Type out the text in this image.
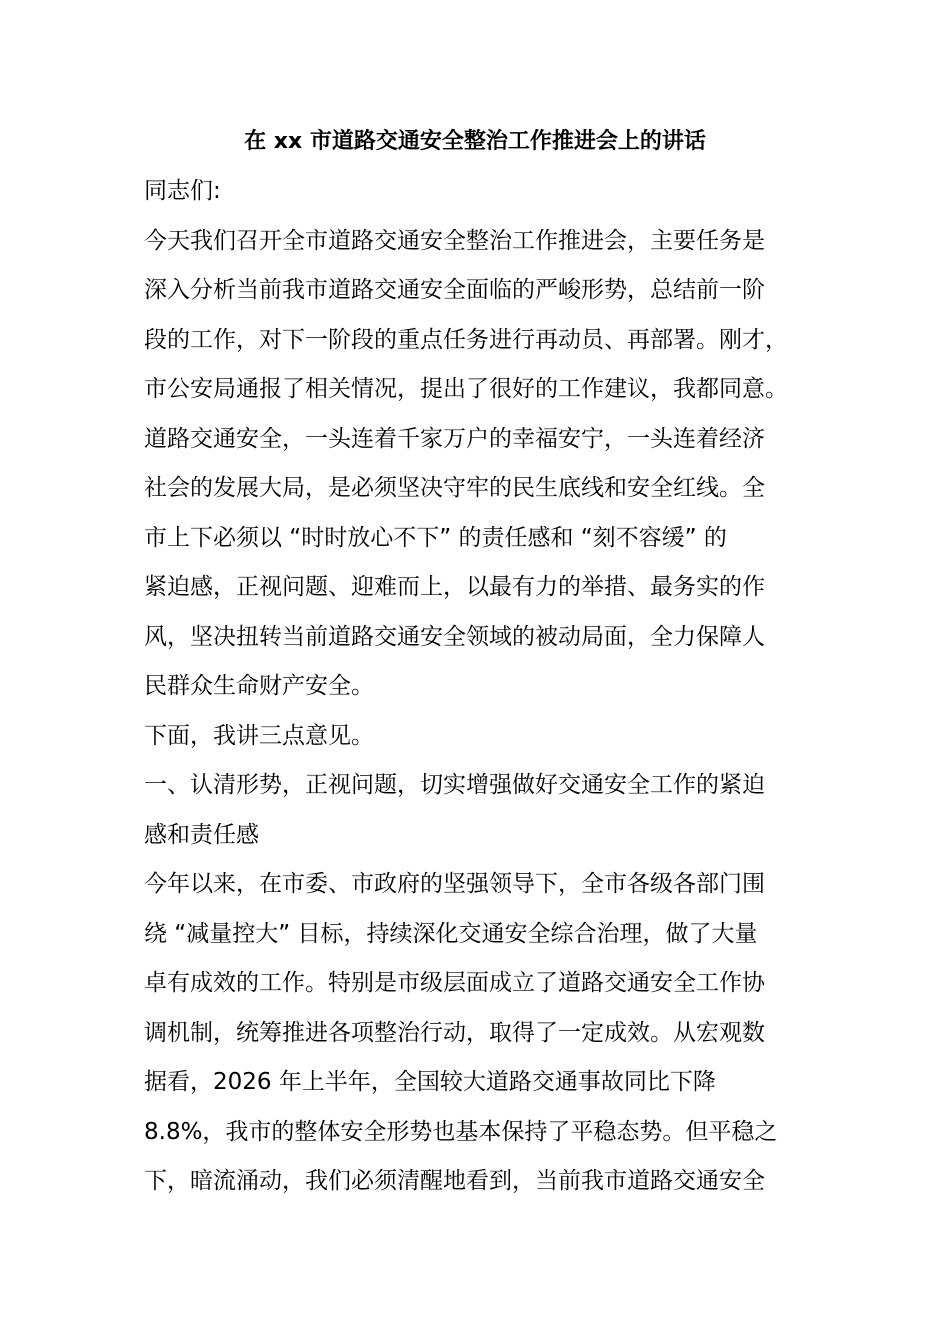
在 xx 市道路交通安全整治工作推进会上的讲话
同志们:
今天我们召开全市道路交通安全整治工作推进会，主要任务是
深入分析当前我市道路交通安全面临的严峻形势，总结前一阶
段的工作，对下一阶段的重点任务进行再动员、再部署。刚才，
市公安局通报了相关情况，提出了很好的工作建议，我都同意。
道路交通安全，一头连着千家万户的幸福安宁，一头连着经济
社会的发展大局，是必须坚决守牢的民生底线和安全红线。全
市上下必须以 “时时放心不下” 的责任感和 “刻不容缓” 的
紧迫感，正视问题、迎难而上，以最有力的举措、最务实的作
风，坚决扭转当前道路交通安全领域的被动局面，全力保障人
民群众生命财产安全。
下面，我讲三点意见。
一、认清形势，正视问题，切实增强做好交通安全工作的紧迫
感和责任感
今年以来，在市委、市政府的坚强领导下，全市各级各部门围
绕 “减量控大” 目标，持续深化交通安全综合治理，做了大量
卓有成效的工作。特别是市级层面成立了道路交通安全工作协
调机制，统筹推进各项整治行动，取得了一定成效。从宏观数
据看，2026 年上半年，全国较大道路交通事故同比下降
8.8%，我市的整体安全形势也基本保持了平稳态势。但平稳之
下，暗流涌动，我们必须清醒地看到，当前我市道路交通安全
